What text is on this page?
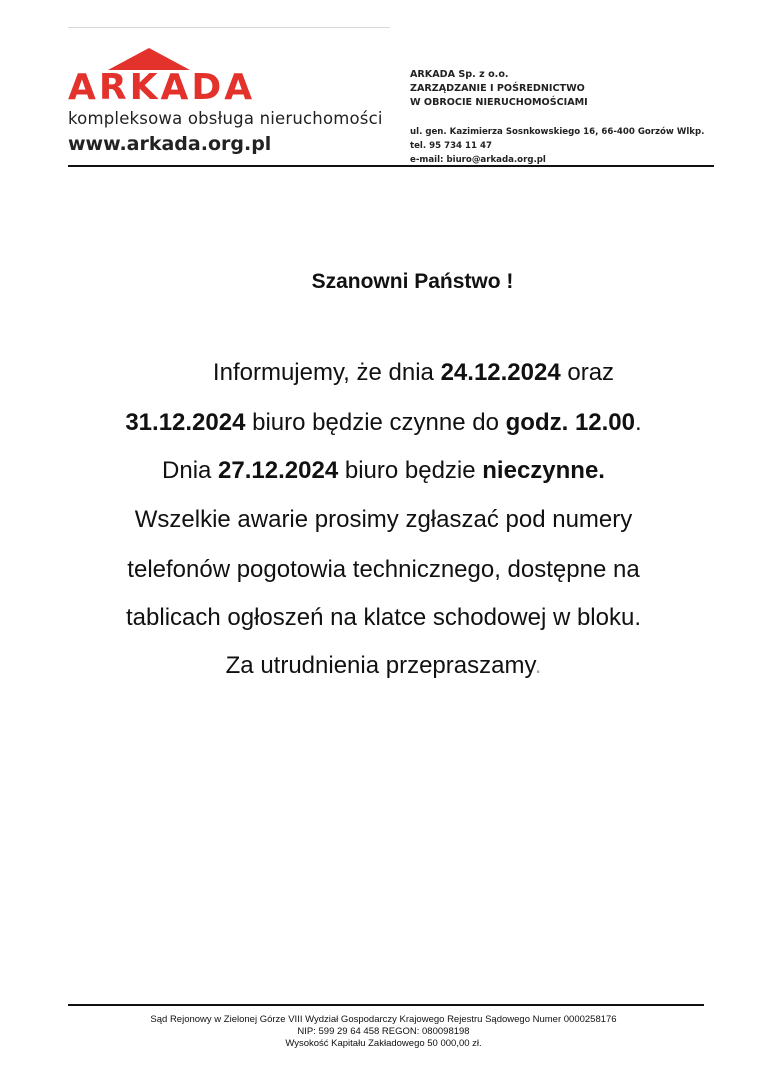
ARKADA
kompleksowa obsługa nieruchomości
www.arkada.org.pl
ARKADA Sp. z o.o.
ZARZĄDZANIE I POŚREDNICTWO
W OBROCIE NIERUCHOMOŚCIAMI
ul. gen. Kazimierza Sosnkowskiego 16, 66-400 Gorzów Wlkp.
tel. 95 734 11 47
e-mail: biuro@arkada.org.pl
Szanowni Państwo !
Informujemy, że dnia 24.12.2024 oraz
31.12.2024 biuro będzie czynne do godz. 12.00.
Dnia 27.12.2024 biuro będzie nieczynne.
Wszelkie awarie prosimy zgłaszać pod numery
telefonów pogotowia technicznego, dostępne na
tablicach ogłoszeń na klatce schodowej w bloku.
Za utrudnienia przepraszamy.
Sąd Rejonowy w Zielonej Górze VIII Wydział Gospodarczy Krajowego Rejestru Sądowego Numer 0000258176
NIP: 599 29 64 458 REGON: 080098198
Wysokość Kapitału Zakładowego 50 000,00 zł.
